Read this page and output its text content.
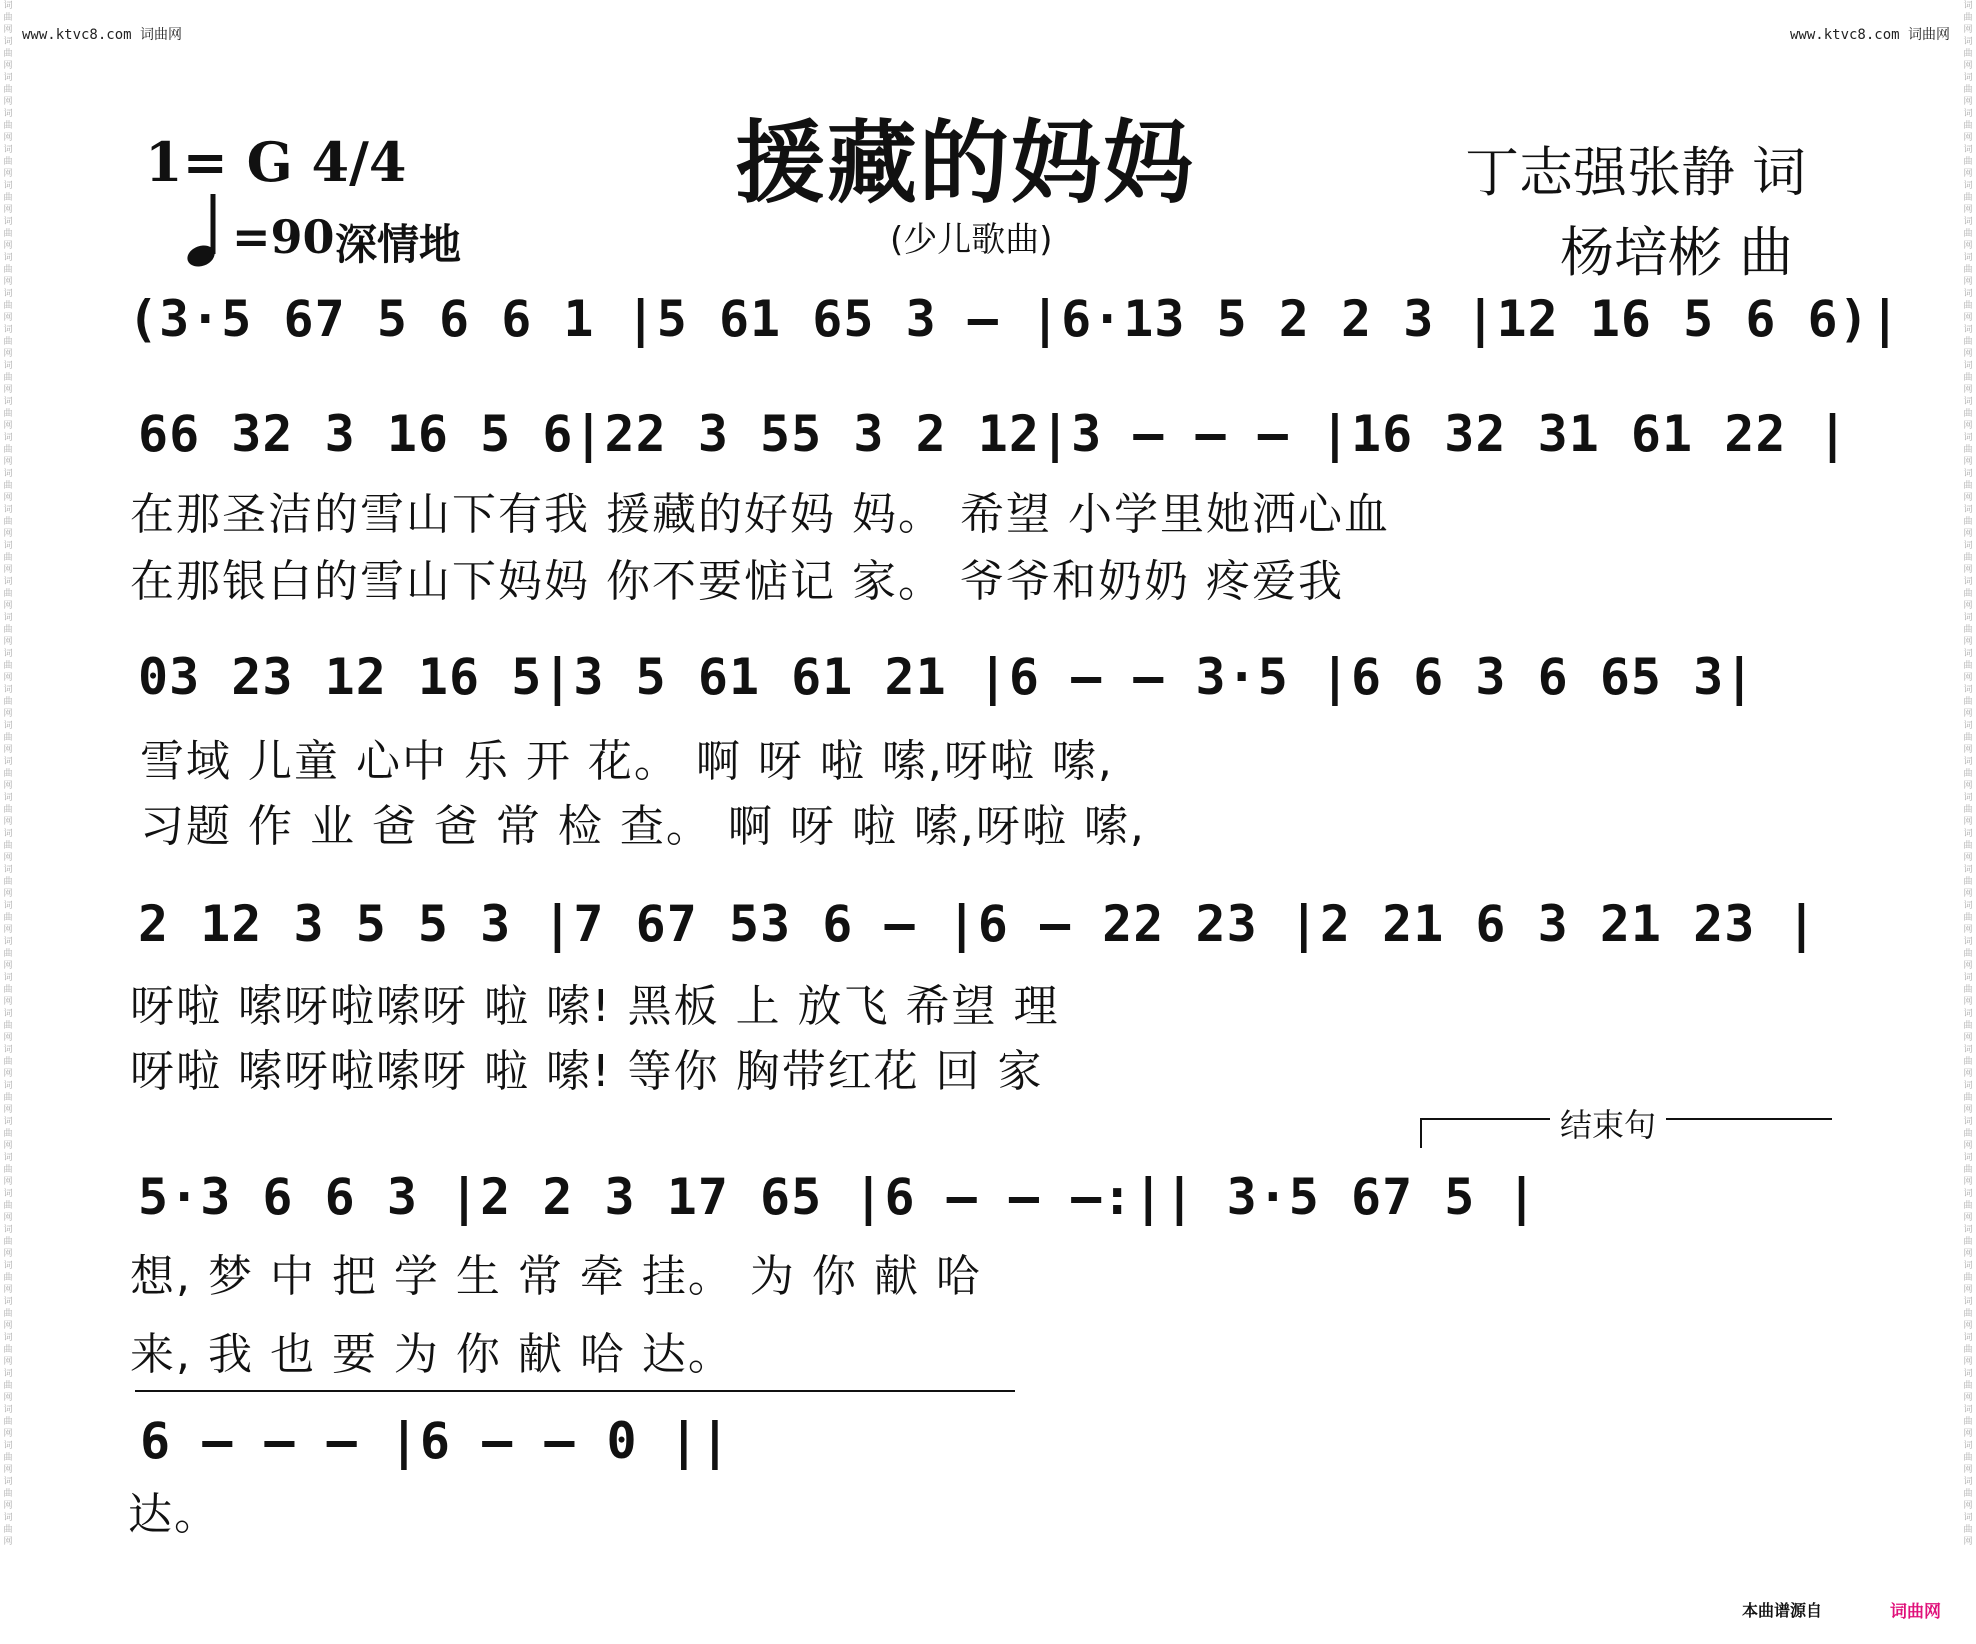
词曲网词曲网词曲网词曲网词曲网词曲网词曲网词曲网词曲网词曲网词曲网词曲网词曲网词曲网词曲网词曲网词曲网词曲网词曲网词曲网词曲网词曲网词曲网词曲网词曲网词曲网词曲网词曲网词曲网词曲网词曲网词曲网词曲网词曲网词曲网词曲网词曲网词曲网词曲网词曲网词曲网词曲网词曲网
词曲网词曲网词曲网词曲网词曲网词曲网词曲网词曲网词曲网词曲网词曲网词曲网词曲网词曲网词曲网词曲网词曲网词曲网词曲网词曲网词曲网词曲网词曲网词曲网词曲网词曲网词曲网词曲网词曲网词曲网词曲网词曲网词曲网词曲网词曲网词曲网词曲网词曲网词曲网词曲网词曲网词曲网词曲网
www.ktvc8.com 词曲网	www.ktvc8.com 词曲网
援藏的妈妈
(少儿歌曲)
1= G 4/4
=90 深情地
丁志强张静 词
杨培彬 曲
(3·5 67 5 6 6 1 |5 61 65 3 — |6·13 5 2 2 3 |12 16 5 6 6)|
66 32 3 16 5 6|22 3 55 3 2 12|3 — — — |16 32 31 61 22 |
在那圣洁的雪山下有我 援藏的好妈 妈。 希望 小学里她洒心血
在那银白的雪山下妈妈 你不要惦记 家。 爷爷和奶奶 疼爱我
03 23 12 16 5|3 5 61 61 21 |6 — — 3·5 |6 6 3 6 65 3|
雪域 儿童 心中 乐 开 花。 啊 呀 啦 嗦,呀啦 嗦,
习题 作 业 爸 爸 常 检 查。 啊 呀 啦 嗦,呀啦 嗦,
2 12 3 5 5 3 |7 67 53 6 — |6 — 22 23 |2 21 6 3 21 23 |
呀啦 嗦呀啦嗦呀 啦 嗦! 黑板 上 放飞 希望 理
呀啦 嗦呀啦嗦呀 啦 嗦! 等你 胸带红花 回 家
结束句
5·3 6 6 3 |2 2 3 17 65 |6 — — —:|| 3·5 67 5 |
想, 梦 中 把 学 生 常 牵 挂。 为 你 献 哈
来, 我 也 要 为 你 献 哈 达。
6 — — — |6 — — 0 ||
达。
本曲谱源自	词曲网
